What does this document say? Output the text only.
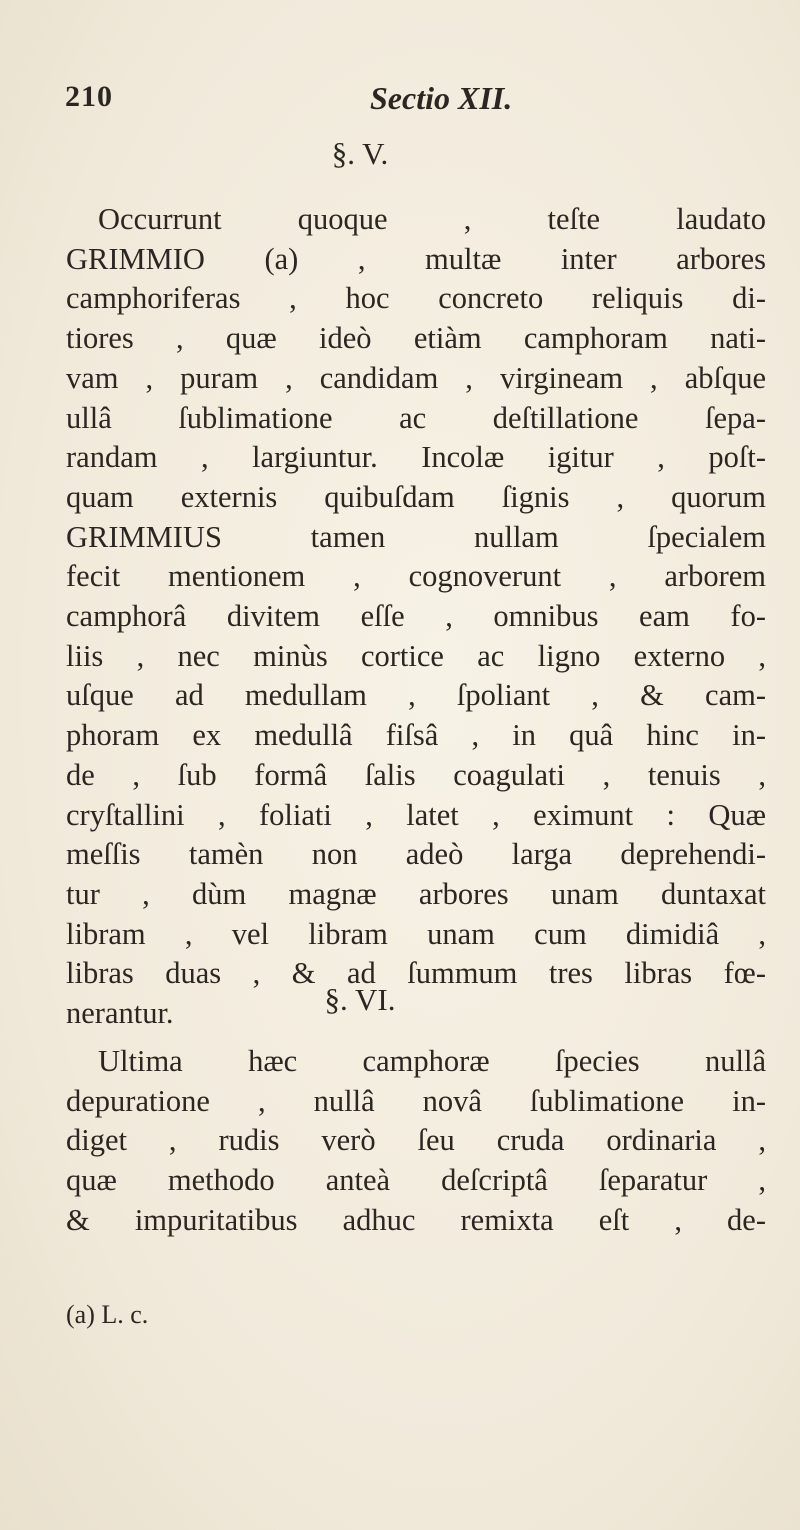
210	Sectio XII.

§. V.

Occurrunt quoque , teſte laudato
GRIMMIO (a) , multæ inter arbores
camphoriferas , hoc concreto reliquis di-
tiores , quæ ideò etiàm camphoram nati-
vam , puram , candidam , virgineam , abſque
ullâ ſublimatione ac deſtillatione ſepa-
randam , largiuntur. Incolæ igitur , poſt-
quam externis quibuſdam ſignis , quorum
GRIMMIUS tamen nullam ſpecialem
fecit mentionem , cognoverunt , arborem
camphorâ divitem eſſe , omnibus eam fo-
liis , nec minùs cortice ac ligno externo ,
uſque ad medullam , ſpoliant , & cam-
phoram ex medullâ fiſsâ , in quâ hinc in-
de , ſub formâ ſalis coagulati , tenuis ,
cryſtallini , foliati , latet , eximunt : Quæ
meſſis tamèn non adeò larga deprehendi-
tur , dùm magnæ arbores unam duntaxat
libram , vel libram unam cum dimidiâ ,
libras duas , & ad ſummum tres libras fœ-
nerantur.	§. VI.

Ultima hæc camphoræ ſpecies nullâ
depuratione , nullâ novâ ſublimatione in-
diget , rudis verò ſeu cruda ordinaria ,
quæ methodo anteà deſcriptâ ſeparatur ,
& impuritatibus adhuc remixta eſt , de-

(a) L. c.
